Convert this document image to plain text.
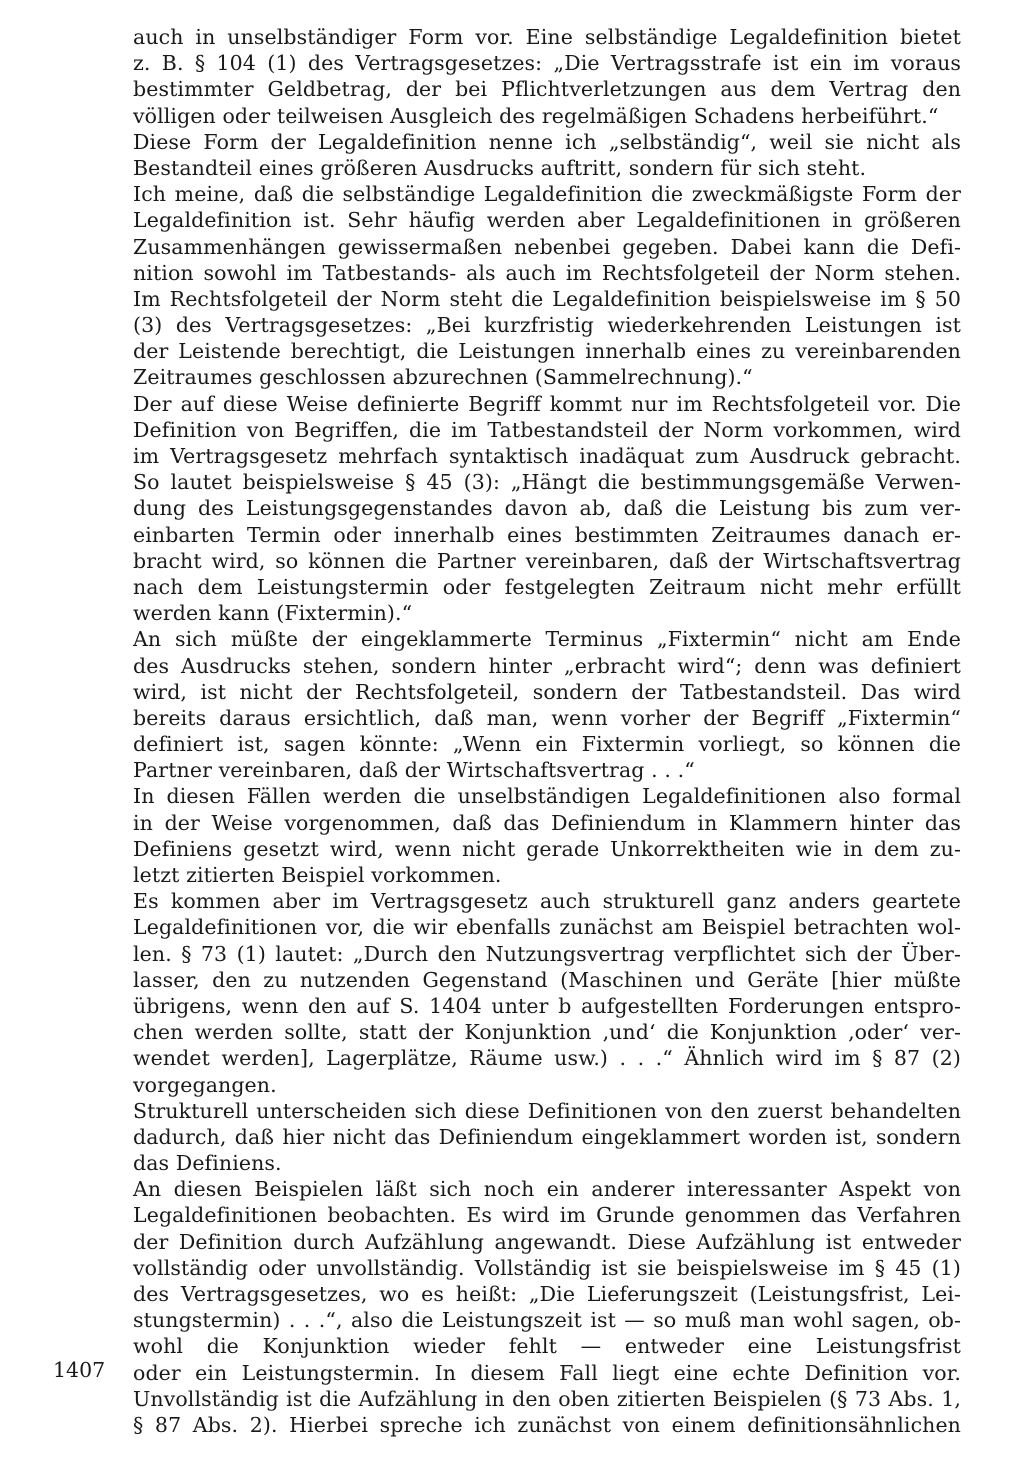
auch in unselbständiger Form vor. Eine selbständige Legaldefinition bietet
z. B. § 104 (1) des Vertragsgesetzes: „Die Vertragsstrafe ist ein im voraus
bestimmter Geldbetrag, der bei Pflichtverletzungen aus dem Vertrag den
völligen oder teilweisen Ausgleich des regelmäßigen Schadens herbeiführt.“
Diese Form der Legaldefinition nenne ich „selbständig“, weil sie nicht als
Bestandteil eines größeren Ausdrucks auftritt, sondern für sich steht.
Ich meine, daß die selbständige Legaldefinition die zweckmäßigste Form der
Legaldefinition ist. Sehr häufig werden aber Legaldefinitionen in größeren
Zusammenhängen gewissermaßen nebenbei gegeben. Dabei kann die Defi-
nition sowohl im Tatbestands- als auch im Rechtsfolgeteil der Norm stehen.
Im Rechtsfolgeteil der Norm steht die Legaldefinition beispielsweise im § 50
(3) des Vertragsgesetzes: „Bei kurzfristig wiederkehrenden Leistungen ist
der Leistende berechtigt, die Leistungen innerhalb eines zu vereinbarenden
Zeitraumes geschlossen abzurechnen (Sammelrechnung).“
Der auf diese Weise definierte Begriff kommt nur im Rechtsfolgeteil vor. Die
Definition von Begriffen, die im Tatbestandsteil der Norm vorkommen, wird
im Vertragsgesetz mehrfach syntaktisch inadäquat zum Ausdruck gebracht.
So lautet beispielsweise § 45 (3): „Hängt die bestimmungsgemäße Verwen-
dung des Leistungsgegenstandes davon ab, daß die Leistung bis zum ver-
einbarten Termin oder innerhalb eines bestimmten Zeitraumes danach er-
bracht wird, so können die Partner vereinbaren, daß der Wirtschaftsvertrag
nach dem Leistungstermin oder festgelegten Zeitraum nicht mehr erfüllt
werden kann (Fixtermin).“
An sich müßte der eingeklammerte Terminus „Fixtermin“ nicht am Ende
des Ausdrucks stehen, sondern hinter „erbracht wird“; denn was definiert
wird, ist nicht der Rechtsfolgeteil, sondern der Tatbestandsteil. Das wird
bereits daraus ersichtlich, daß man, wenn vorher der Begriff „Fixtermin“
definiert ist, sagen könnte: „Wenn ein Fixtermin vorliegt, so können die
Partner vereinbaren, daß der Wirtschaftsvertrag . . .“
In diesen Fällen werden die unselbständigen Legaldefinitionen also formal
in der Weise vorgenommen, daß das Definiendum in Klammern hinter das
Definiens gesetzt wird, wenn nicht gerade Unkorrektheiten wie in dem zu-
letzt zitierten Beispiel vorkommen.
Es kommen aber im Vertragsgesetz auch strukturell ganz anders geartete
Legaldefinitionen vor, die wir ebenfalls zunächst am Beispiel betrachten wol-
len. § 73 (1) lautet: „Durch den Nutzungsvertrag verpflichtet sich der Über-
lasser, den zu nutzenden Gegenstand (Maschinen und Geräte [hier müßte
übrigens, wenn den auf S. 1404 unter b aufgestellten Forderungen entspro-
chen werden sollte, statt der Konjunktion ‚und‘ die Konjunktion ‚oder‘ ver-
wendet werden], Lagerplätze, Räume usw.) . . .“ Ähnlich wird im § 87 (2)
vorgegangen.
Strukturell unterscheiden sich diese Definitionen von den zuerst behandelten
dadurch, daß hier nicht das Definiendum eingeklammert worden ist, sondern
das Definiens.
An diesen Beispielen läßt sich noch ein anderer interessanter Aspekt von
Legaldefinitionen beobachten. Es wird im Grunde genommen das Verfahren
der Definition durch Aufzählung angewandt. Diese Aufzählung ist entweder
vollständig oder unvollständig. Vollständig ist sie beispielsweise im § 45 (1)
des Vertragsgesetzes, wo es heißt: „Die Lieferungszeit (Leistungsfrist, Lei-
stungstermin) . . .“, also die Leistungszeit ist — so muß man wohl sagen, ob-
wohl die Konjunktion wieder fehlt — entweder eine Leistungsfrist
oder ein Leistungstermin. In diesem Fall liegt eine echte Definition vor.
Unvollständig ist die Aufzählung in den oben zitierten Beispielen (§ 73 Abs. 1,
§ 87 Abs. 2). Hierbei spreche ich zunächst von einem definitionsähnlichen
1407
